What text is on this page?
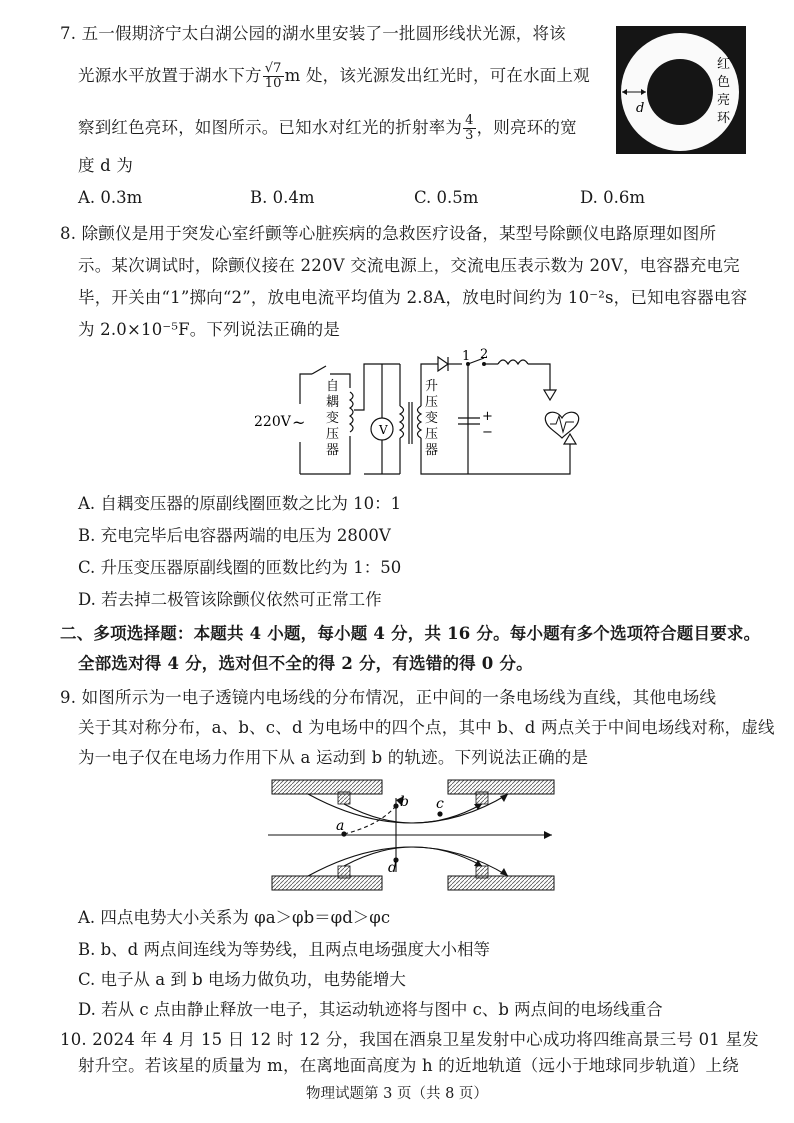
7. 五一假期济宁太白湖公园的湖水里安装了一批圆形线状光源，将该
光源水平放置于湖水下方 $\frac{√7}{10}$ m 处，该光源发出红光时，可在水面上观
察到红色亮环，如图所示。已知水对红光的折射率为 $\frac{4}{3}$ ，则亮环的宽
度 d 为
d
红
色
亮
环
A. 0.3m	B. 0.4m	C. 0.5m	D. 0.6m
8. 除颤仪是用于突发心室纤颤等心脏疾病的急救医疗设备，某型号除颤仪电路原理如图所
示。某次调试时，除颤仪接在 220V 交流电源上，交流电压表示数为 20V，电容器充电完
毕，开关由“1”掷向“2”，放电电流平均值为 2.8A，放电时间约为 10⁻²s，已知电容器电容
为 2.0×10⁻⁵F。下列说法正确的是
220V ~	V
1 2
+
−
自
耦
变
压
器
升
压
变
压
器
A. 自耦变压器的原副线圈匝数之比为 10：1
B. 充电完毕后电容器两端的电压为 2800V
C. 升压变压器原副线圈的匝数比约为 1：50
D. 若去掉二极管该除颤仪依然可正常工作
二、多项选择题：本题共 4 小题，每小题 4 分，共 16 分。每小题有多个选项符合题目要求。
全部选对得 4 分，选对但不全的得 2 分，有选错的得 0 分。
9. 如图所示为一电子透镜内电场线的分布情况，正中间的一条电场线为直线，其他电场线
关于其对称分布，a、b、c、d 为电场中的四个点，其中 b、d 两点关于中间电场线对称，虚线
为一电子仅在电场力作用下从 a 运动到 b 的轨迹。下列说法正确的是
a
b c
d
A. 四点电势大小关系为 φa＞φb＝φd＞φc
B. b、d 两点间连线为等势线，且两点电场强度大小相等
C. 电子从 a 到 b 电场力做负功，电势能增大
D. 若从 c 点由静止释放一电子，其运动轨迹将与图中 c、b 两点间的电场线重合
10. 2024 年 4 月 15 日 12 时 12 分，我国在酒泉卫星发射中心成功将四维高景三号 01 星发
射升空。若该星的质量为 m，在离地面高度为 h 的近地轨道（远小于地球同步轨道）上绕
物理试题第 3 页（共 8 页）
